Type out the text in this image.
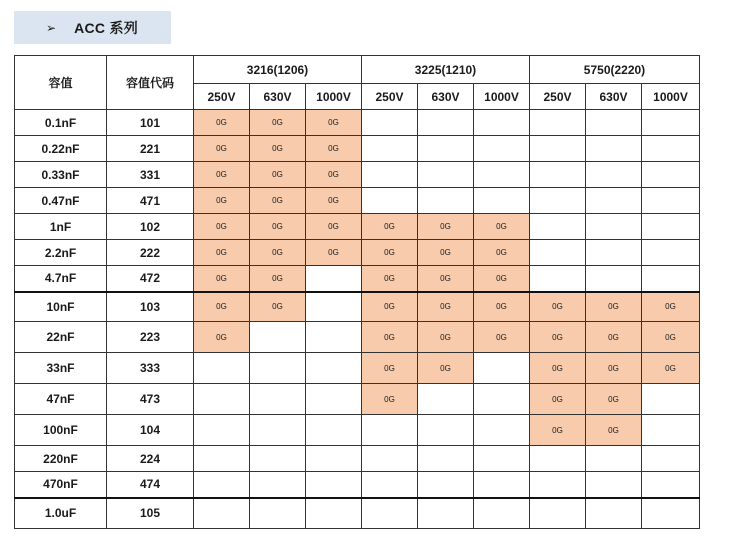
➢ ACC 系列
容值	容值代码	3216(1206)			3225(1210)			5750(2220)		
		250V	630V	1000V	250V	630V	1000V	250V	630V	1000V
0.1nF	101	0G	0G	0G						
0.22nF	221	0G	0G	0G						
0.33nF	331	0G	0G	0G						
0.47nF	471	0G	0G	0G						
1nF	102	0G	0G	0G	0G	0G	0G			
2.2nF	222	0G	0G	0G	0G	0G	0G			
4.7nF	472	0G	0G		0G	0G	0G			
10nF	103	0G	0G		0G	0G	0G	0G	0G	0G
22nF	223	0G			0G	0G	0G	0G	0G	0G
33nF	333				0G	0G		0G	0G	0G
47nF	473				0G			0G	0G	
100nF	104							0G	0G	
220nF	224									
470nF	474									
1.0uF	105									
